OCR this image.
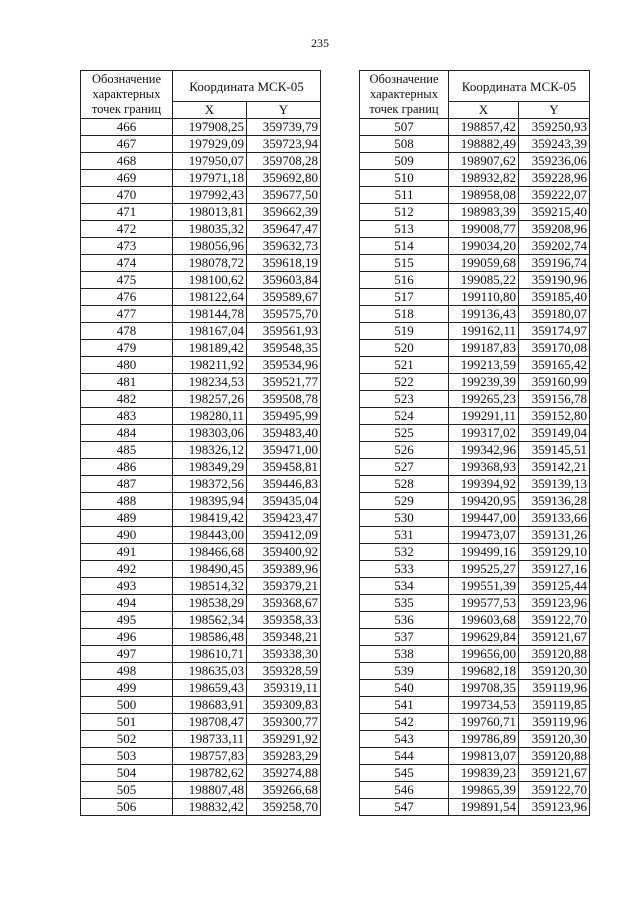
235
Обозначение характерных точек границ	Координата МСК-05	
	X	Y
466	197908,25	359739,79
467	197929,09	359723,94
468	197950,07	359708,28
469	197971,18	359692,80
470	197992,43	359677,50
471	198013,81	359662,39
472	198035,32	359647,47
473	198056,96	359632,73
474	198078,72	359618,19
475	198100,62	359603,84
476	198122,64	359589,67
477	198144,78	359575,70
478	198167,04	359561,93
479	198189,42	359548,35
480	198211,92	359534,96
481	198234,53	359521,77
482	198257,26	359508,78
483	198280,11	359495,99
484	198303,06	359483,40
485	198326,12	359471,00
486	198349,29	359458,81
487	198372,56	359446,83
488	198395,94	359435,04
489	198419,42	359423,47
490	198443,00	359412,09
491	198466,68	359400,92
492	198490,45	359389,96
493	198514,32	359379,21
494	198538,29	359368,67
495	198562,34	359358,33
496	198586,48	359348,21
497	198610,71	359338,30
498	198635,03	359328,59
499	198659,43	359319,11
500	198683,91	359309,83
501	198708,47	359300,77
502	198733,11	359291,92
503	198757,83	359283,29
504	198782,62	359274,88
505	198807,48	359266,68
506	198832,42	359258,70
Обозначение характерных точек границ	Координата МСК-05	
	X	Y
507	198857,42	359250,93
508	198882,49	359243,39
509	198907,62	359236,06
510	198932,82	359228,96
511	198958,08	359222,07
512	198983,39	359215,40
513	199008,77	359208,96
514	199034,20	359202,74
515	199059,68	359196,74
516	199085,22	359190,96
517	199110,80	359185,40
518	199136,43	359180,07
519	199162,11	359174,97
520	199187,83	359170,08
521	199213,59	359165,42
522	199239,39	359160,99
523	199265,23	359156,78
524	199291,11	359152,80
525	199317,02	359149,04
526	199342,96	359145,51
527	199368,93	359142,21
528	199394,92	359139,13
529	199420,95	359136,28
530	199447,00	359133,66
531	199473,07	359131,26
532	199499,16	359129,10
533	199525,27	359127,16
534	199551,39	359125,44
535	199577,53	359123,96
536	199603,68	359122,70
537	199629,84	359121,67
538	199656,00	359120,88
539	199682,18	359120,30
540	199708,35	359119,96
541	199734,53	359119,85
542	199760,71	359119,96
543	199786,89	359120,30
544	199813,07	359120,88
545	199839,23	359121,67
546	199865,39	359122,70
547	199891,54	359123,96
